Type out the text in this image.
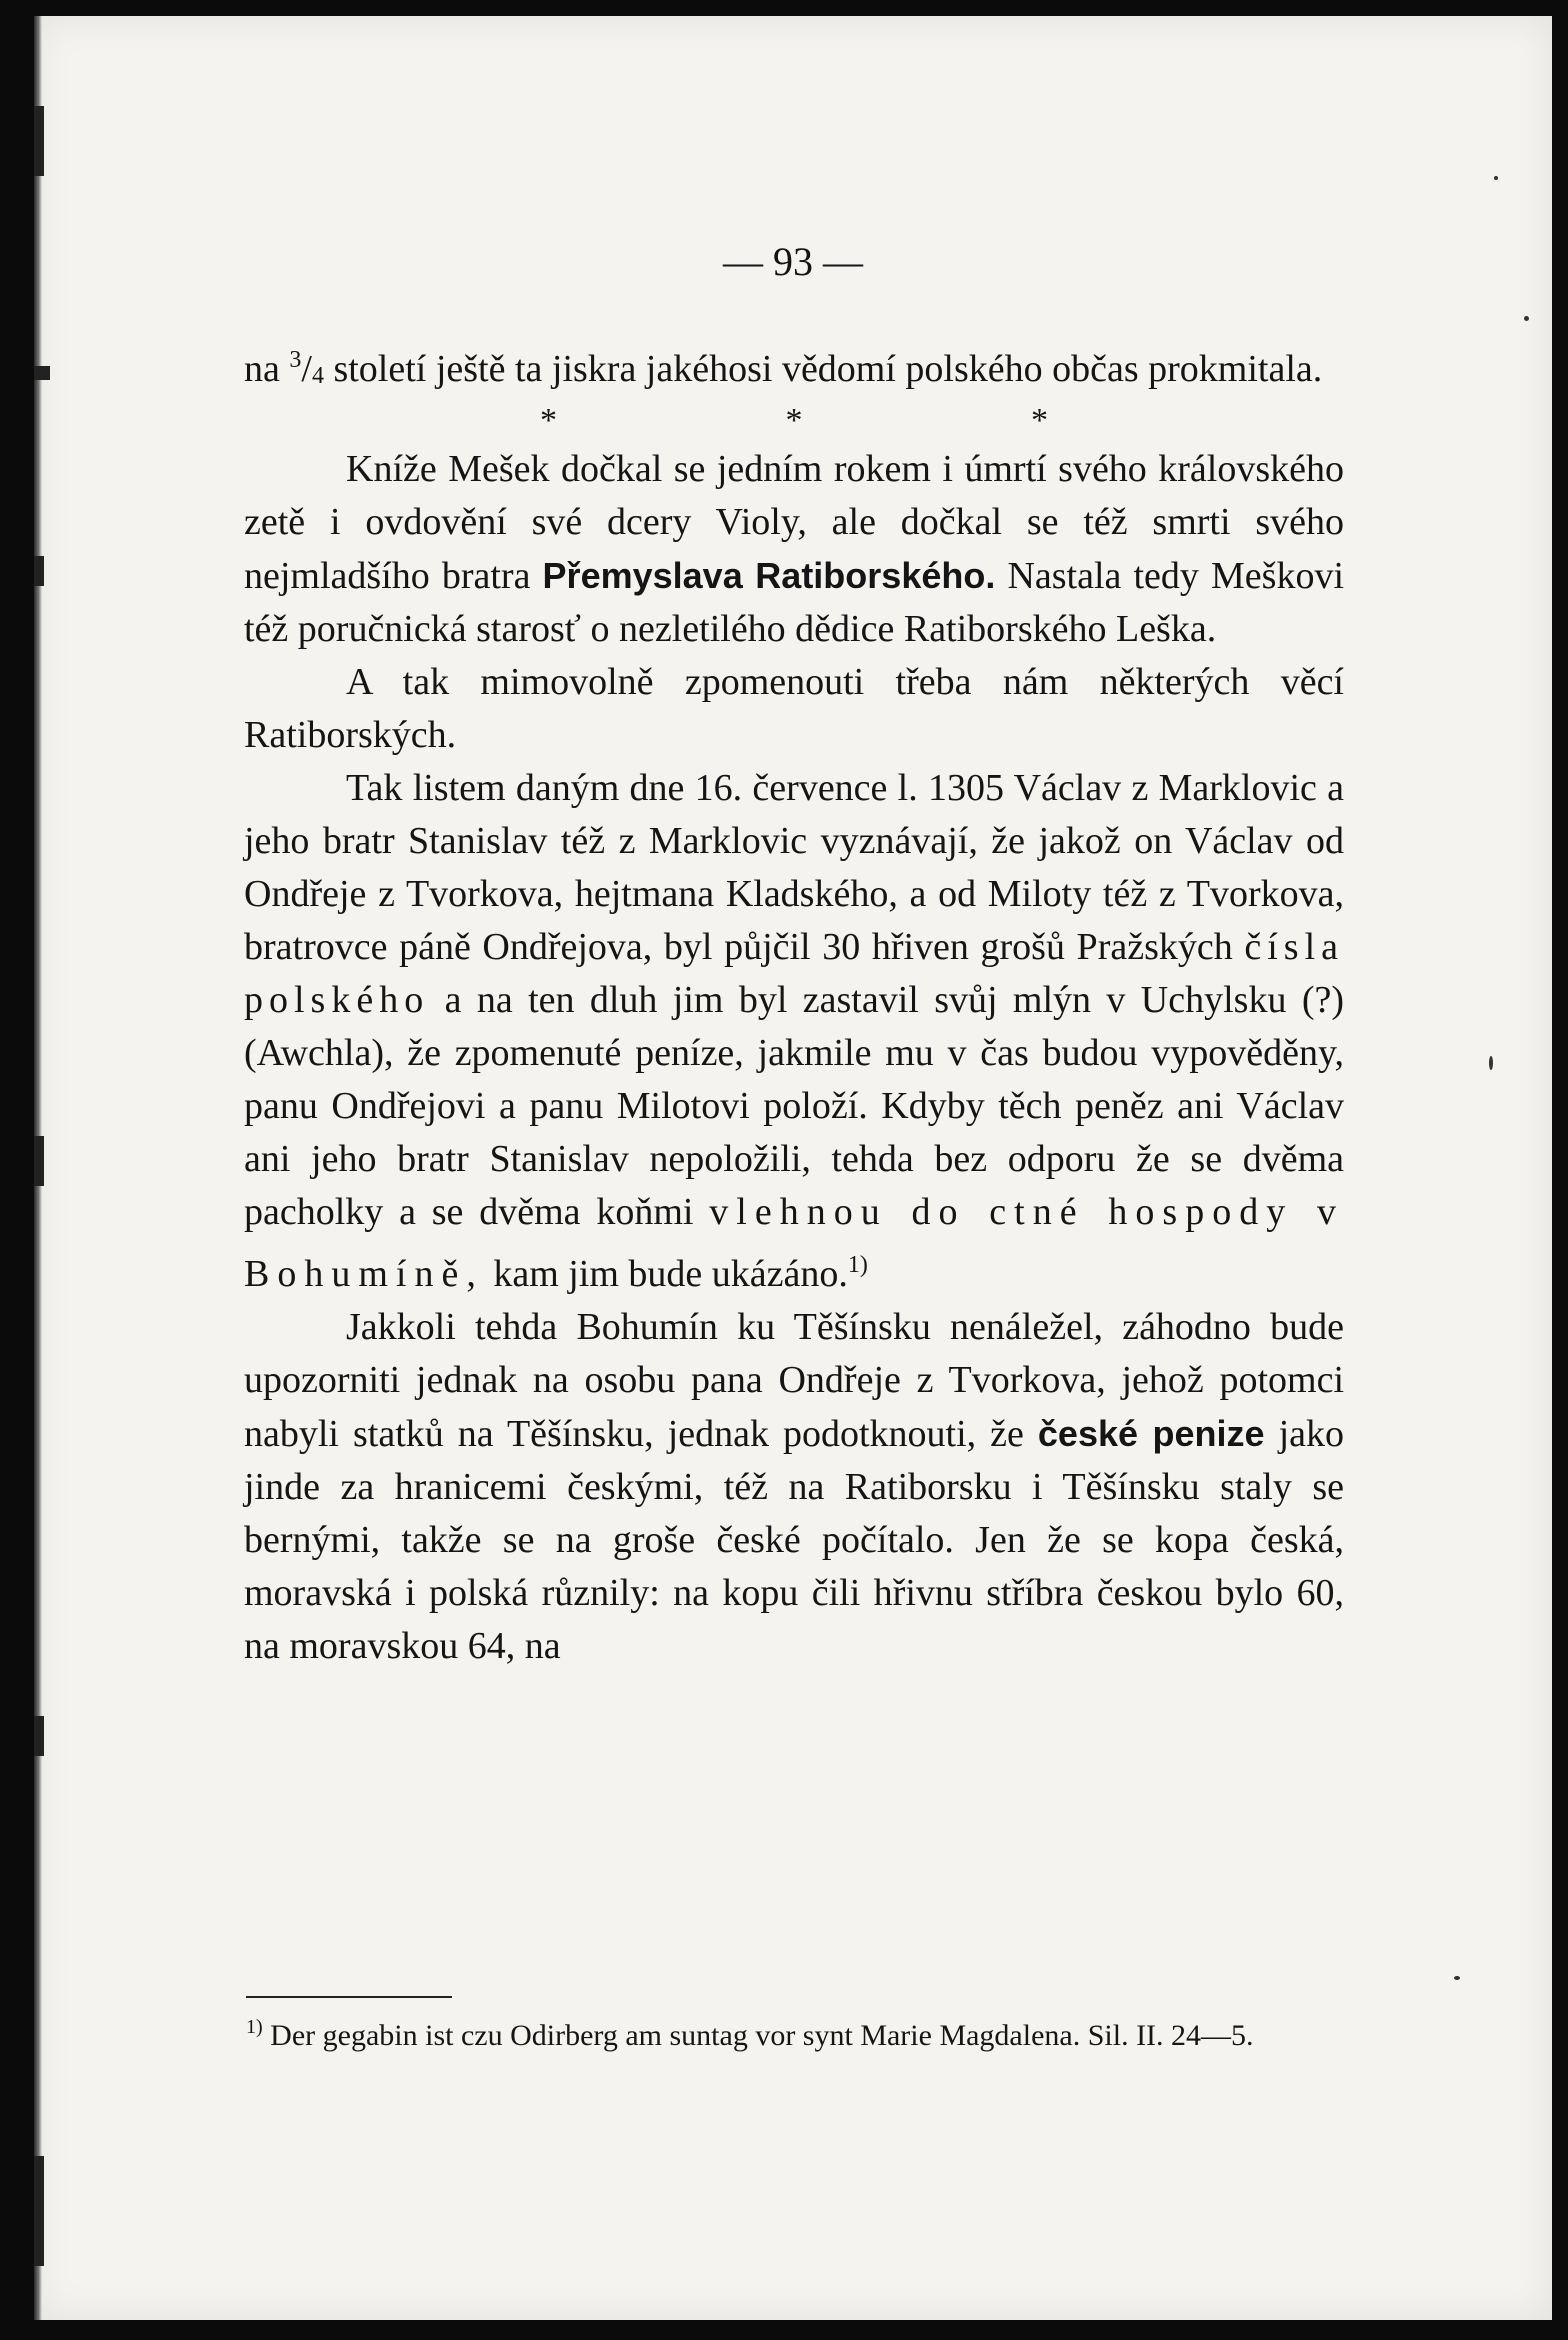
— 93 —

na $^3/_4$ století ještě ta jiskra jakéhosi vědomí polského občas prokmitala.

* * *

Kníže Mešek dočkal se jedním rokem i úmrtí svého královského zetě i ovdovění své dcery Violy, ale dočkal se též smrti svého nejmladšího bratra Přemyslava Ratiborského. Nastala tedy Meškovi též poručnická starosť o nezletilého dědice Ratiborského Leška.

A tak mimovolně zpomenouti třeba nám některých věcí Ratiborských.

Tak listem daným dne 16. července l. 1305 Václav z Marklovic a jeho bratr Stanislav též z Marklovic vyznávají, že jakož on Václav od Ondřeje z Tvorkova, hejtmana Kladského, a od Miloty též z Tvorkova, bratrovce páně Ondřejova, byl půjčil 30 hřiven grošů Pražských čísla polského a na ten dluh jim byl zastavil svůj mlýn v Uchylsku (?) (Awchla), že zpomenuté peníze, jakmile mu v čas budou vypověděny, panu Ondřejovi a panu Milotovi položí. Kdyby těch peněz ani Václav ani jeho bratr Stanislav nepoložili, tehda bez odporu že se dvěma pacholky a se dvěma koňmi vlehnou do ctné hospody v Bohumíně, kam jim bude ukázáno.$^{1)}$

Jakkoli tehda Bohumín ku Těšínsku nenáležel, záhodno bude upozorniti jednak na osobu pana Ondřeje z Tvorkova, jehož potomci nabyli statků na Těšínsku, jednak podotknouti, že české penize jako jinde za hranicemi českými, též na Ratiborsku i Těšínsku staly se bernými, takže se na groše české počítalo. Jen že se kopa česká, moravská i polská různily: na kopu čili hřivnu stříbra českou bylo 60, na moravskou 64, na

$^{1)}$ Der gegabin ist czu Odirberg am suntag vor synt Marie Magdalena. Sil. II. 24—5.
